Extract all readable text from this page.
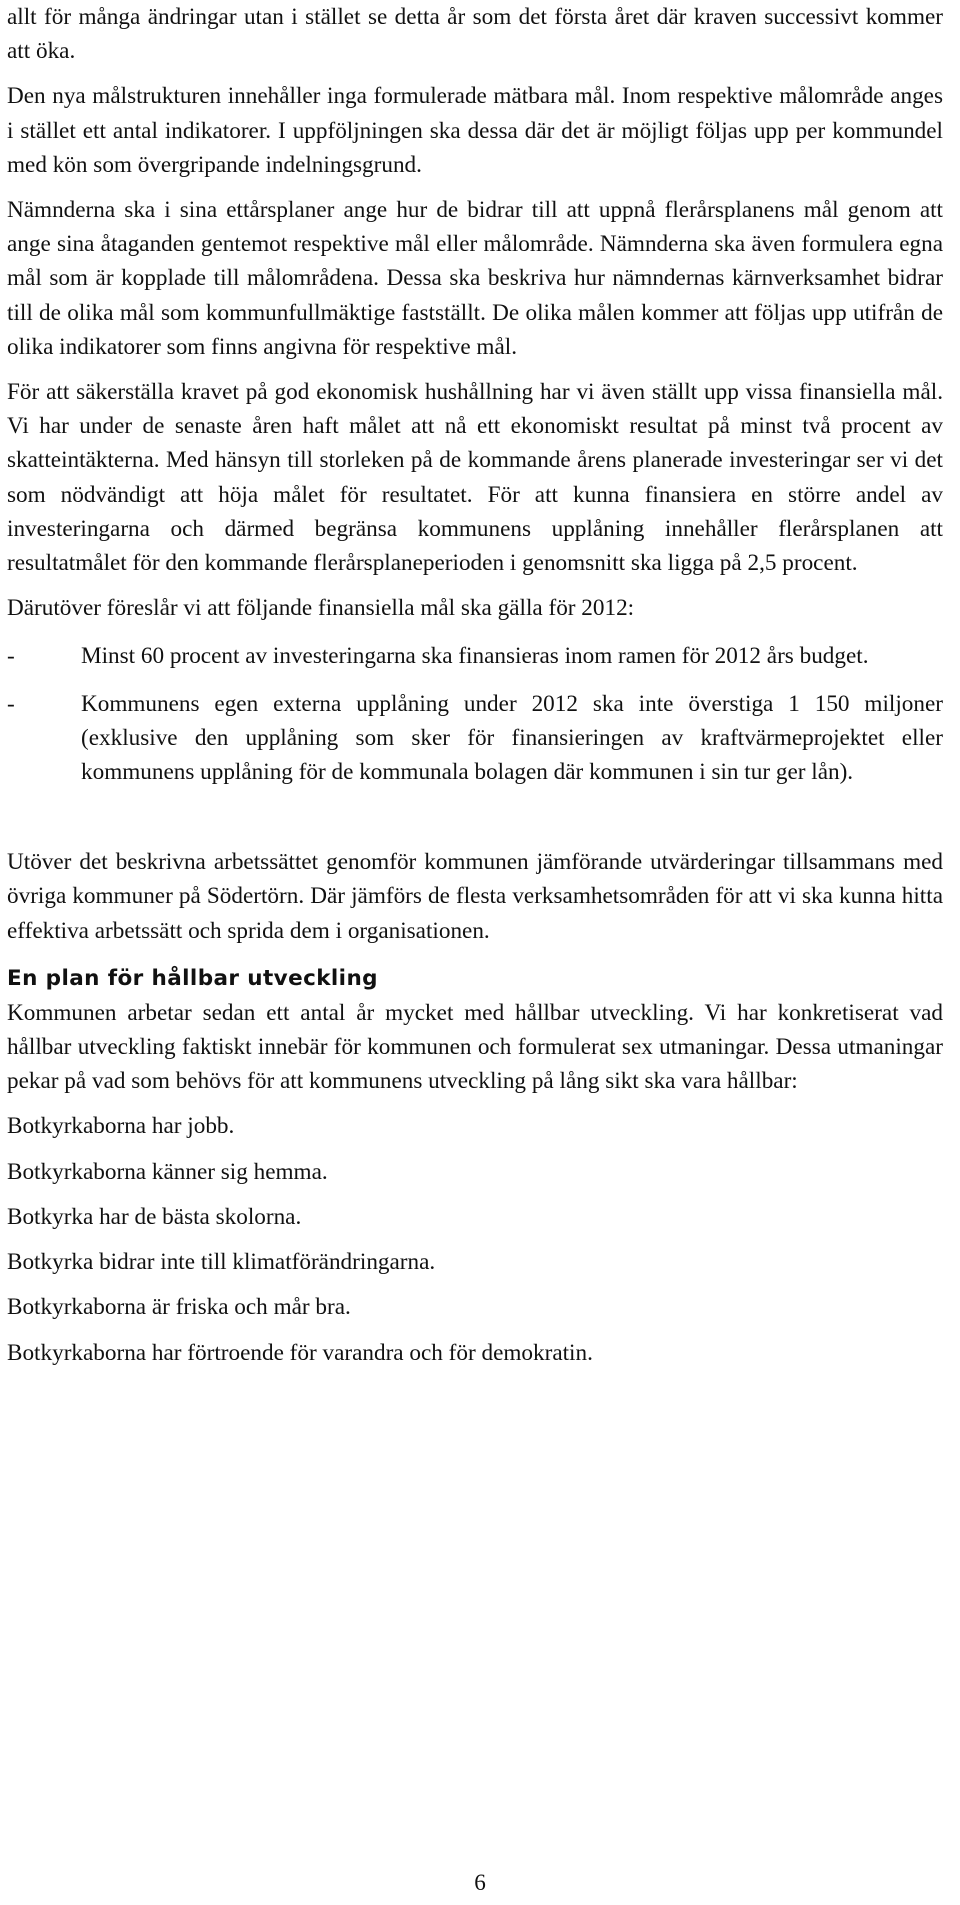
allt för många ändringar utan i stället se detta år som det första året där kraven successivt kommer att öka.

Den nya målstrukturen innehåller inga formulerade mätbara mål. Inom respektive målområde anges i stället ett antal indikatorer. I uppföljningen ska dessa där det är möjligt följas upp per kommundel med kön som övergripande indelningsgrund.

Nämnderna ska i sina ettårsplaner ange hur de bidrar till att uppnå flerårsplanens mål genom att ange sina åtaganden gentemot respektive mål eller målområde. Nämnderna ska även formulera egna mål som är kopplade till målområdena. Dessa ska beskriva hur nämndernas kärnverksamhet bidrar till de olika mål som kommunfullmäktige fastställt. De olika målen kommer att följas upp utifrån de olika indikatorer som finns angivna för respektive mål.

För att säkerställa kravet på god ekonomisk hushållning har vi även ställt upp vissa finansiella mål. Vi har under de senaste åren haft målet att nå ett ekonomiskt resultat på minst två procent av skatteintäkterna. Med hänsyn till storleken på de kommande årens planerade investeringar ser vi det som nödvändigt att höja målet för resultatet. För att kunna finansiera en större andel av investeringarna och därmed begränsa kommunens upplåning innehåller flerårsplanen att resultatmålet för den kommande flerårsplaneperioden i genomsnitt ska ligga på 2,5 procent.

Därutöver föreslår vi att följande finansiella mål ska gälla för 2012:

-	Minst 60 procent av investeringarna ska finansieras inom ramen för 2012 års budget.
-	Kommunens egen externa upplåning under 2012 ska inte överstiga 1 150 miljoner (exklusive den upplåning som sker för finansieringen av kraftvärmeprojektet eller kommunens upplåning för de kommunala bolagen där kommunen i sin tur ger lån).

Utöver det beskrivna arbetssättet genomför kommunen jämförande utvärderingar tillsammans med övriga kommuner på Södertörn. Där jämförs de flesta verksamhetsområden för att vi ska kunna hitta effektiva arbetssätt och sprida dem i organisationen.

En plan för hållbar utveckling

Kommunen arbetar sedan ett antal år mycket med hållbar utveckling. Vi har konkretiserat vad hållbar utveckling faktiskt innebär för kommunen och formulerat sex utmaningar. Dessa utmaningar pekar på vad som behövs för att kommunens utveckling på lång sikt ska vara hållbar:

Botkyrkaborna har jobb.

Botkyrkaborna känner sig hemma.

Botkyrka har de bästa skolorna.

Botkyrka bidrar inte till klimatförändringarna.

Botkyrkaborna är friska och mår bra.

Botkyrkaborna har förtroende för varandra och för demokratin.

6
